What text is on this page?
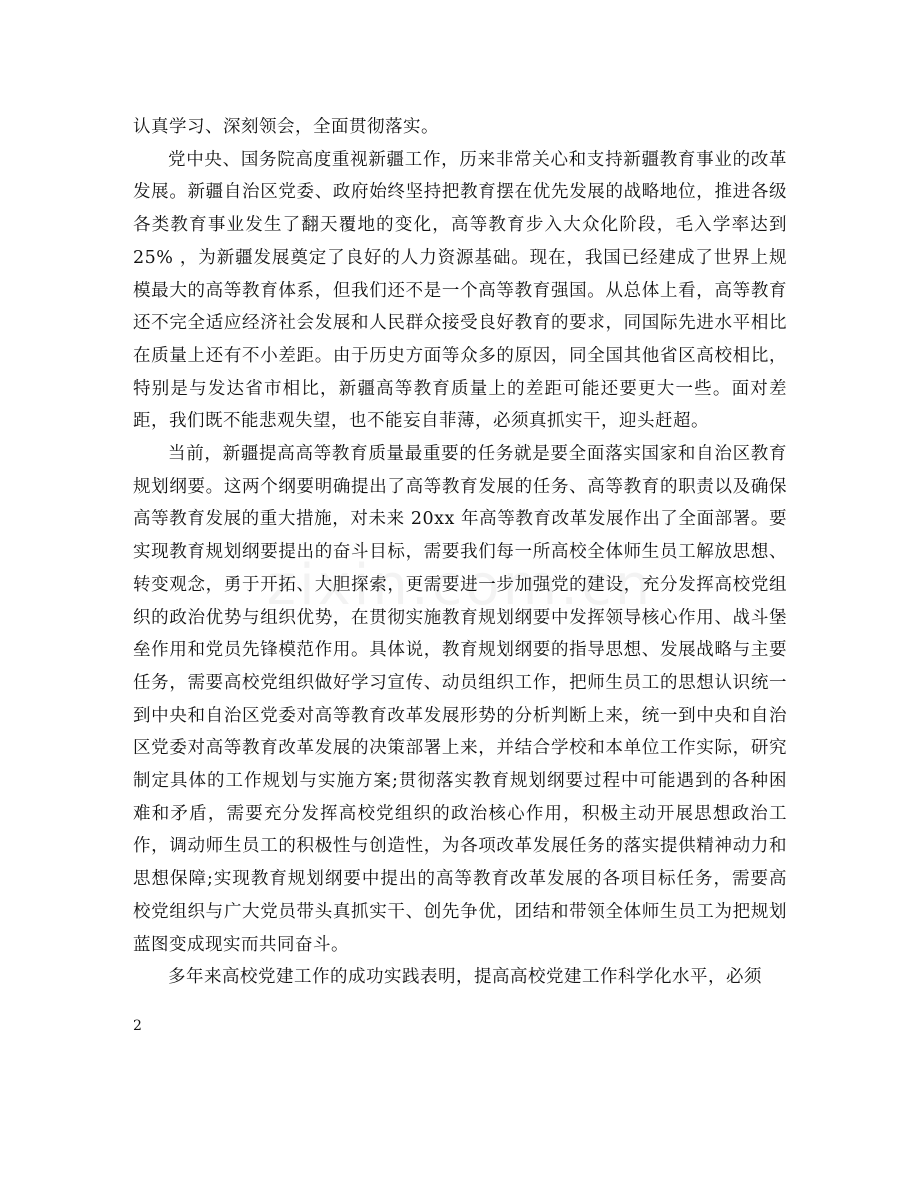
认真学习、深刻领会，全面贯彻落实。

党中央、国务院高度重视新疆工作，历来非常关心和支持新疆教育事业的改革发展。新疆自治区党委、政府始终坚持把教育摆在优先发展的战略地位，推进各级各类教育事业发生了翻天覆地的变化，高等教育步入大众化阶段，毛入学率达到25% ，为新疆发展奠定了良好的人力资源基础。现在，我国已经建成了世界上规模最大的高等教育体系，但我们还不是一个高等教育强国。从总体上看，高等教育还不完全适应经济社会发展和人民群众接受良好教育的要求，同国际先进水平相比在质量上还有不小差距。由于历史方面等众多的原因，同全国其他省区高校相比，特别是与发达省市相比，新疆高等教育质量上的差距可能还要更大一些。面对差距，我们既不能悲观失望，也不能妄自菲薄，必须真抓实干，迎头赶超。

当前，新疆提高高等教育质量最重要的任务就是要全面落实国家和自治区教育规划纲要。这两个纲要明确提出了高等教育发展的任务、高等教育的职责以及确保高等教育发展的重大措施，对未来 20xx 年高等教育改革发展作出了全面部署。要实现教育规划纲要提出的奋斗目标，需要我们每一所高校全体师生员工解放思想、转变观念，勇于开拓、大胆探索，更需要进一步加强党的建设，充分发挥高校党组织的政治优势与组织优势，在贯彻实施教育规划纲要中发挥领导核心作用、战斗堡垒作用和党员先锋模范作用。具体说，教育规划纲要的指导思想、发展战略与主要任务，需要高校党组织做好学习宣传、动员组织工作，把师生员工的思想认识统一到中央和自治区党委对高等教育改革发展形势的分析判断上来，统一到中央和自治区党委对高等教育改革发展的决策部署上来，并结合学校和本单位工作实际，研究制定具体的工作规划与实施方案;贯彻落实教育规划纲要过程中可能遇到的各种困难和矛盾，需要充分发挥高校党组织的政治核心作用，积极主动开展思想政治工作，调动师生员工的积极性与创造性，为各项改革发展任务的落实提供精神动力和思想保障;实现教育规划纲要中提出的高等教育改革发展的各项目标任务，需要高校党组织与广大党员带头真抓实干、创先争优，团结和带领全体师生员工为把规划蓝图变成现实而共同奋斗。

多年来高校党建工作的成功实践表明，提高高校党建工作科学化水平，必须

2
